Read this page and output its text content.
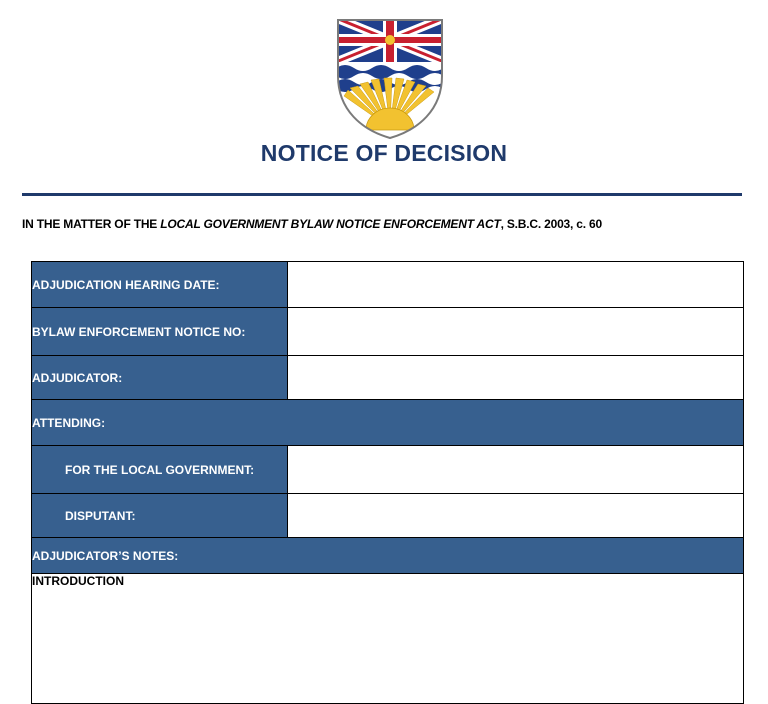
NOTICE OF DECISION
IN THE MATTER OF THE LOCAL GOVERNMENT BYLAW NOTICE ENFORCEMENT ACT, S.B.C. 2003, c. 60
ADJUDICATION HEARING DATE:	
BYLAW ENFORCEMENT NOTICE NO:	
ADJUDICATOR:	
ATTENDING:	
FOR THE LOCAL GOVERNMENT:	
DISPUTANT:	
ADJUDICATOR’S NOTES:	
INTRODUCTION	
